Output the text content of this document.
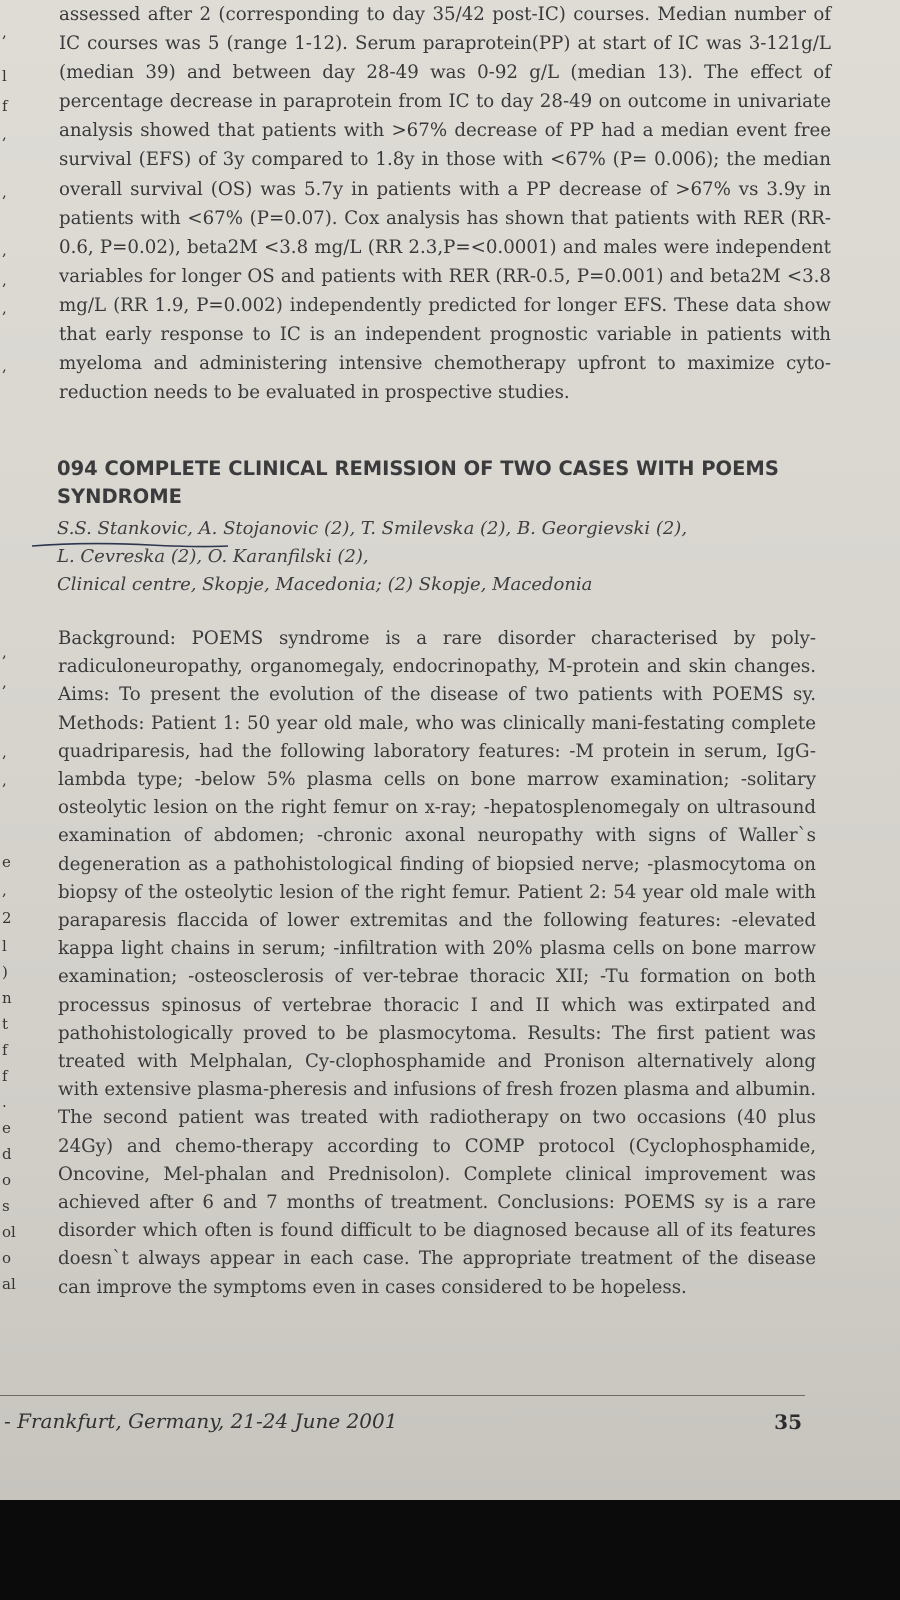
,
l
f
,
,
,
,
,
,
,
,
,
,
e
,
2
l
)
n
t
f
f
.
e
d
o
s
ol
o
al

assessed after 2 (corresponding to day 35/42 post-IC) courses. Median number of IC courses was 5 (range 1-12). Serum paraprotein(PP) at start of IC was 3-121g/L (median 39) and between day 28-49 was 0-92 g/L (median 13). The effect of percentage decrease in paraprotein from IC to day 28-49 on outcome in univariate analysis showed that patients with >67% decrease of PP had a median event free survival (EFS) of 3y compared to 1.8y in those with <67% (P= 0.006); the median overall survival (OS) was 5.7y in patients with a PP decrease of >67% vs 3.9y in patients with <67% (P=0.07). Cox analysis has shown that patients with RER (RR-0.6, P=0.02), beta2M <3.8 mg/L (RR 2.3,P=<0.0001) and males were independent variables for longer OS and patients with RER (RR-0.5, P=0.001) and beta2M <3.8 mg/L (RR 1.9, P=0.002) independently predicted for longer EFS. These data show that early response to IC is an independent prognostic variable in patients with myeloma and administering intensive chemotherapy upfront to maximize cyto-reduction needs to be evaluated in prospective studies.

094 COMPLETE CLINICAL REMISSION OF TWO CASES WITH POEMS SYNDROME
S.S. Stankovic, A. Stojanovic (2), T. Smilevska (2), B. Georgievski (2),
L. Cevreska (2), O. Karanfilski (2),
Clinical centre, Skopje, Macedonia; (2) Skopje, Macedonia

Background: POEMS syndrome is a rare disorder characterised by poly-radiculoneuropathy, organomegaly, endocrinopathy, M-protein and skin changes. Aims: To present the evolution of the disease of two patients with POEMS sy. Methods: Patient 1: 50 year old male, who was clinically mani-festating complete quadriparesis, had the following laboratory features: -M protein in serum, IgG-lambda type; -below 5% plasma cells on bone marrow examination; -solitary osteolytic lesion on the right femur on x-ray; -hepatosplenomegaly on ultrasound examination of abdomen; -chronic axonal neuropathy with signs of Waller`s degeneration as a pathohistological finding of biopsied nerve; -plasmocytoma on biopsy of the osteolytic lesion of the right femur. Patient 2: 54 year old male with paraparesis flaccida of lower extremitas and the following features: -elevated kappa light chains in serum; -infiltration with 20% plasma cells on bone marrow examination; -osteosclerosis of ver-tebrae thoracic XII; -Tu formation on both processus spinosus of vertebrae thoracic I and II which was extirpated and pathohistologically proved to be plasmocytoma. Results: The first patient was treated with Melphalan, Cy-clophosphamide and Pronison alternatively along with extensive plasma-pheresis and infusions of fresh frozen plasma and albumin. The second patient was treated with radiotherapy on two occasions (40 plus 24Gy) and chemo-therapy according to COMP protocol (Cyclophosphamide, Oncovine, Mel-phalan and Prednisolon). Complete clinical improvement was achieved after 6 and 7 months of treatment. Conclusions: POEMS sy is a rare disorder which often is found difficult to be diagnosed because all of its features doesn`t always appear in each case. The appropriate treatment of the disease can improve the symptoms even in cases considered to be hopeless.

- Frankfurt, Germany, 21-24 June 2001	35
